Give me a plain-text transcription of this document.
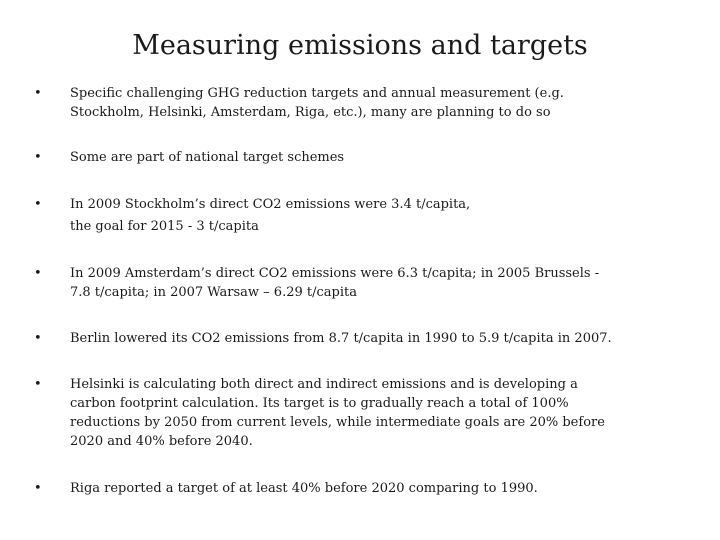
Measuring emissions and targets
• Specific challenging GHG reduction targets and annual measurement (e.g.
Stockholm, Helsinki, Amsterdam, Riga, etc.), many are planning to do so
• Some are part of national target schemes
• In 2009 Stockholm’s direct CO2 emissions were 3.4 t/capita,
the goal for 2015 - 3 t/capita
• In 2009 Amsterdam’s direct CO2 emissions were 6.3 t/capita; in 2005 Brussels -
7.8 t/capita; in 2007 Warsaw – 6.29 t/capita
• Berlin lowered its CO2 emissions from 8.7 t/capita in 1990 to 5.9 t/capita in 2007.
• Helsinki is calculating both direct and indirect emissions and is developing a
carbon footprint calculation. Its target is to gradually reach a total of 100%
reductions by 2050 from current levels, while intermediate goals are 20% before
2020 and 40% before 2040.
• Riga reported a target of at least 40% before 2020 comparing to 1990.
